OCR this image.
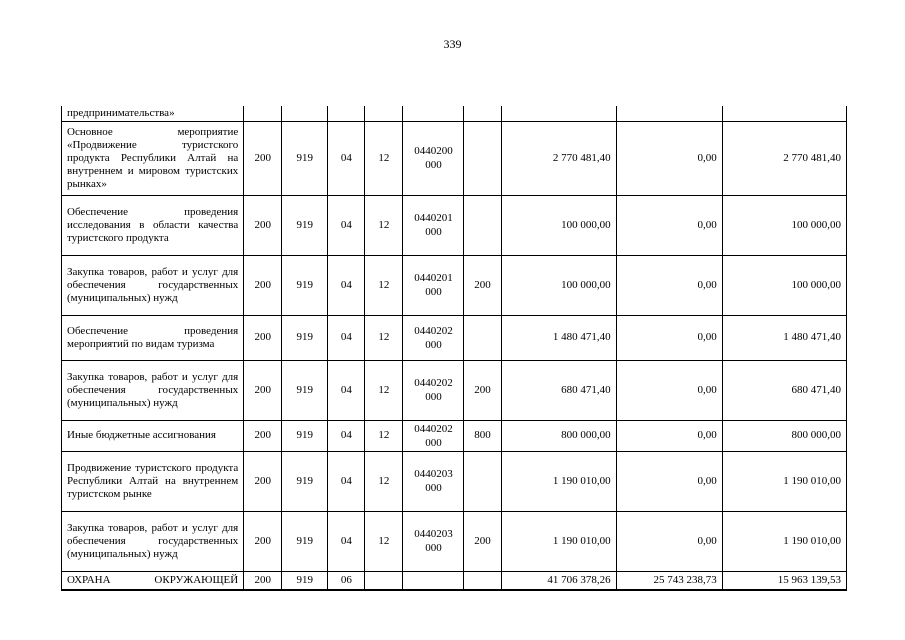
339
предпринимательства»									
Основное мероприятие «Продвижение туристского продукта Республики Алтай на внутреннем и мировом туристских рынках»	200	919	04	12	0440200 000		2 770 481,40	0,00	2 770 481,40
Обеспечение проведения исследования в области качества туристского продукта	200	919	04	12	0440201 000		100 000,00	0,00	100 000,00
Закупка товаров, работ и услуг для обеспечения государственных (муниципальных) нужд	200	919	04	12	0440201 000	200	100 000,00	0,00	100 000,00
Обеспечение проведения мероприятий по видам туризма	200	919	04	12	0440202 000		1 480 471,40	0,00	1 480 471,40
Закупка товаров, работ и услуг для обеспечения государственных (муниципальных) нужд	200	919	04	12	0440202 000	200	680 471,40	0,00	680 471,40
Иные бюджетные ассигнования	200	919	04	12	0440202 000	800	800 000,00	0,00	800 000,00
Продвижение туристского продукта Республики Алтай на внутреннем туристском рынке	200	919	04	12	0440203 000		1 190 010,00	0,00	1 190 010,00
Закупка товаров, работ и услуг для обеспечения государственных (муниципальных) нужд	200	919	04	12	0440203 000	200	1 190 010,00	0,00	1 190 010,00
ОХРАНА ОКРУЖАЮЩЕЙ	200	919	06				41 706 378,26	25 743 238,73	15 963 139,53
